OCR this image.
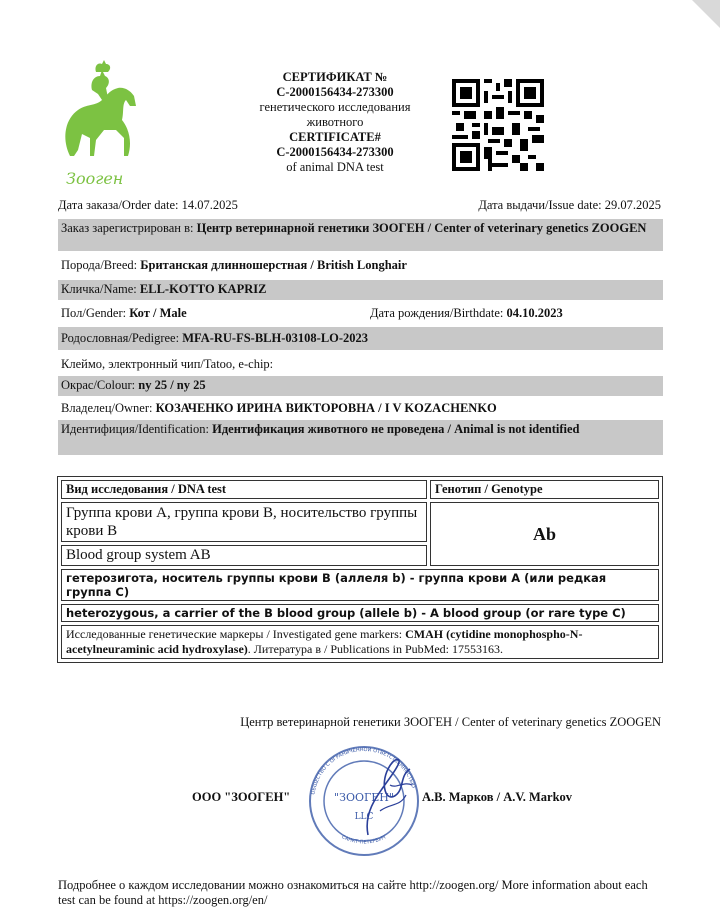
Зооген
СЕРТИФИКАТ №
С-2000156434-273300
генетического исследования
животного
CERTIFICATE#
С-2000156434-273300
of animal DNA test
Дата заказа/Order date: 14.07.2025	Дата выдачи/Issue date: 29.07.2025
Заказ зарегистрирован в: Центр ветеринарной генетики ЗООГЕН / Center of veterinary genetics ZOOGEN
Порода/Breed: Британская длинношерстная / British Longhair
Кличка/Name: ELL-KOTTO KAPRIZ
Пол/Gender: Кот / Male	Дата рождения/Birthdate: 04.10.2023
Родословная/Pedigree: MFA-RU-FS-BLH-03108-LO-2023
Клеймо, электронный чип/Tatoo, e-chip:
Окрас/Colour: ny 25 / ny 25
Владелец/Owner: КОЗАЧЕНКО ИРИНА ВИКТОРОВНА / I V KOZACHENKO
Идентифиция/Identification: Идентификация животного не проведена / Animal is not identified
Вид исследования / DNA test	Генотип / Genotype
Группа крови А, группа крови В, носительство группы крови В	Ab
Blood group system AB	
гетерозигота, носитель группы крови В (аллеля b) - группа крови А (или редкая группа С)	
heterozygous, a carrier of the B blood group (allele b) - A blood group (or rare type C)	
Исследованные генетические маркеры / Investigated gene markers: CMAH (cytidine monophospho-N-acetylneuraminic acid hydroxylase). Литература в / Publications in PubMed: 17553163.	
Центр ветеринарной генетики ЗООГЕН / Center of veterinary genetics ZOOGEN
ООО "ЗООГЕН"	А.В. Марков / A.V. Markov
ОБЩЕСТВО С ОГРАНИЧЕННОЙ ОТВЕТСТВЕННОСТЬЮ
САНКТ-ПЕТЕРБУРГ
"ЗООГЕН"
LLC
Подробнее о каждом исследовании можно ознакомиться на сайте http://zoogen.org/ More information about each test can be found at https://zoogen.org/en/
